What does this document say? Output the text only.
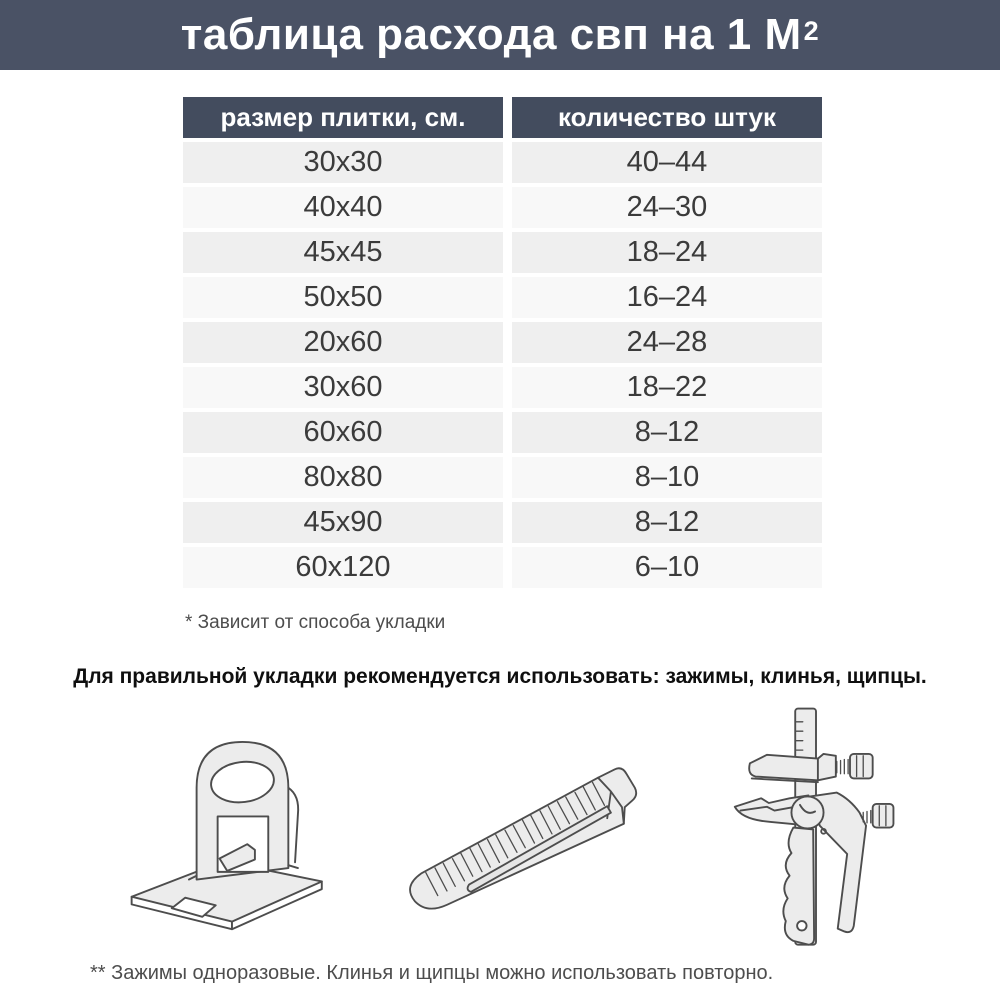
таблица расхода свп на 1 М 2
размер плитки, см.	количество штук
30x30	40–44
40x40	24–30
45x45	18–24
50x50	16–24
20x60	24–28
30x60	18–22
60x60	8–12
80x80	8–10
45x90	8–12
60x120	6–10
* Зависит от способа укладки
Для правильной укладки рекомендуется использовать: зажимы, клинья, щипцы.
** Зажимы одноразовые. Клинья и щипцы можно использовать повторно.
